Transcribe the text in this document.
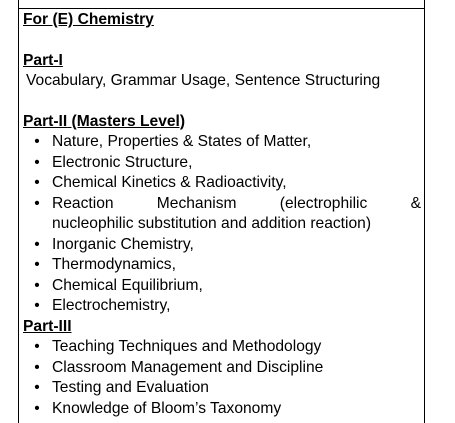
For (E) Chemistry

Part-I

Vocabulary, Grammar Usage, Sentence Structuring

Part-II (Masters Level)

• Nature, Properties & States of Matter,
• Electronic Structure,
• Chemical Kinetics & Radioactivity,
• Reaction	Mechanism	(electrophilic	&
nucleophilic substitution and addition reaction)
• Inorganic Chemistry,
• Thermodynamics,
• Chemical Equilibrium,
• Electrochemistry,

Part-III

• Teaching Techniques and Methodology
• Classroom Management and Discipline
• Testing and Evaluation
• Knowledge of Bloom’s Taxonomy
